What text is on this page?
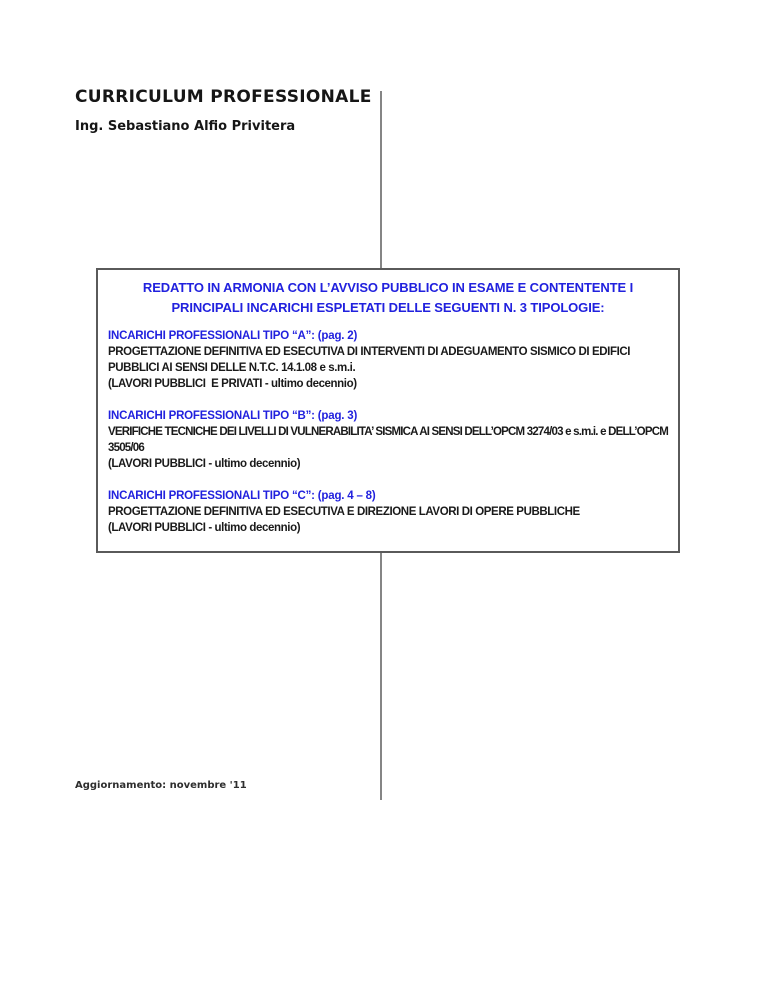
CURRICULUM PROFESSIONALE
Ing. Sebastiano Alfio Privitera
REDATTO IN ARMONIA CON L’AVVISO PUBBLICO IN ESAME E CONTENTENTE I
PRINCIPALI INCARICHI ESPLETATI DELLE SEGUENTI N. 3 TIPOLOGIE:
INCARICHI PROFESSIONALI TIPO “A”: (pag. 2)

PROGETTAZIONE DEFINITIVA ED ESECUTIVA DI INTERVENTI DI ADEGUAMENTO SISMICO DI EDIFICI PUBBLICI AI SENSI DELLE N.T.C. 14.1.08 e s.m.i.

(LAVORI PUBBLICI  E PRIVATI - ultimo decennio)

INCARICHI PROFESSIONALI TIPO “B”: (pag. 3)

VERIFICHE TECNICHE DEI LIVELLI DI VULNERABILITA’ SISMICA AI SENSI DELL’OPCM 3274/03 e s.m.i. e DELL’OPCM 3505/06

(LAVORI PUBBLICI - ultimo decennio)

INCARICHI PROFESSIONALI TIPO “C”: (pag. 4 – 8)

PROGETTAZIONE DEFINITIVA ED ESECUTIVA E DIREZIONE LAVORI DI OPERE PUBBLICHE

(LAVORI PUBBLICI - ultimo decennio)

Aggiornamento: novembre '11
